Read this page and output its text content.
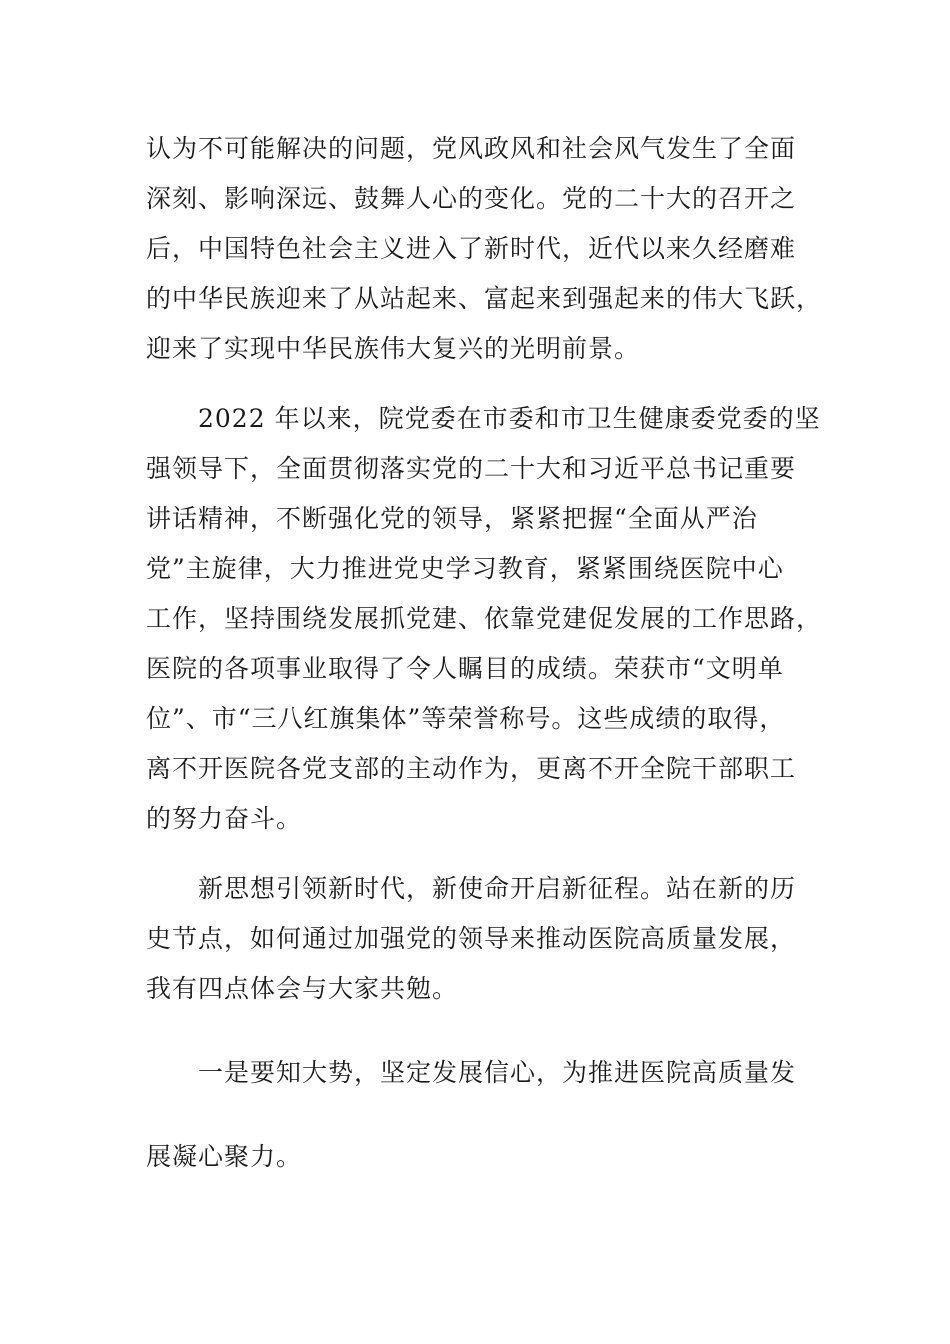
认为不可能解决的问题，党风政风和社会风气发生了全面
深刻、影响深远、鼓舞人心的变化。党的二十大的召开之
后，中国特色社会主义进入了新时代，近代以来久经磨难
的中华民族迎来了从站起来、富起来到强起来的伟大飞跃，
迎来了实现中华民族伟大复兴的光明前景。
2022 年以来，院党委在市委和市卫生健康委党委的坚
强领导下，全面贯彻落实党的二十大和习近平总书记重要
讲话精神，不断强化党的领导，紧紧把握“全面从严治
党”主旋律，大力推进党史学习教育，紧紧围绕医院中心
工作，坚持围绕发展抓党建、依靠党建促发展的工作思路，
医院的各项事业取得了令人瞩目的成绩。荣获市“文明单
位”、市“三八红旗集体”等荣誉称号。这些成绩的取得，
离不开医院各党支部的主动作为，更离不开全院干部职工
的努力奋斗。
新思想引领新时代，新使命开启新征程。站在新的历
史节点，如何通过加强党的领导来推动医院高质量发展，
我有四点体会与大家共勉。
一是要知大势，坚定发展信心，为推进医院高质量发
展凝心聚力。
